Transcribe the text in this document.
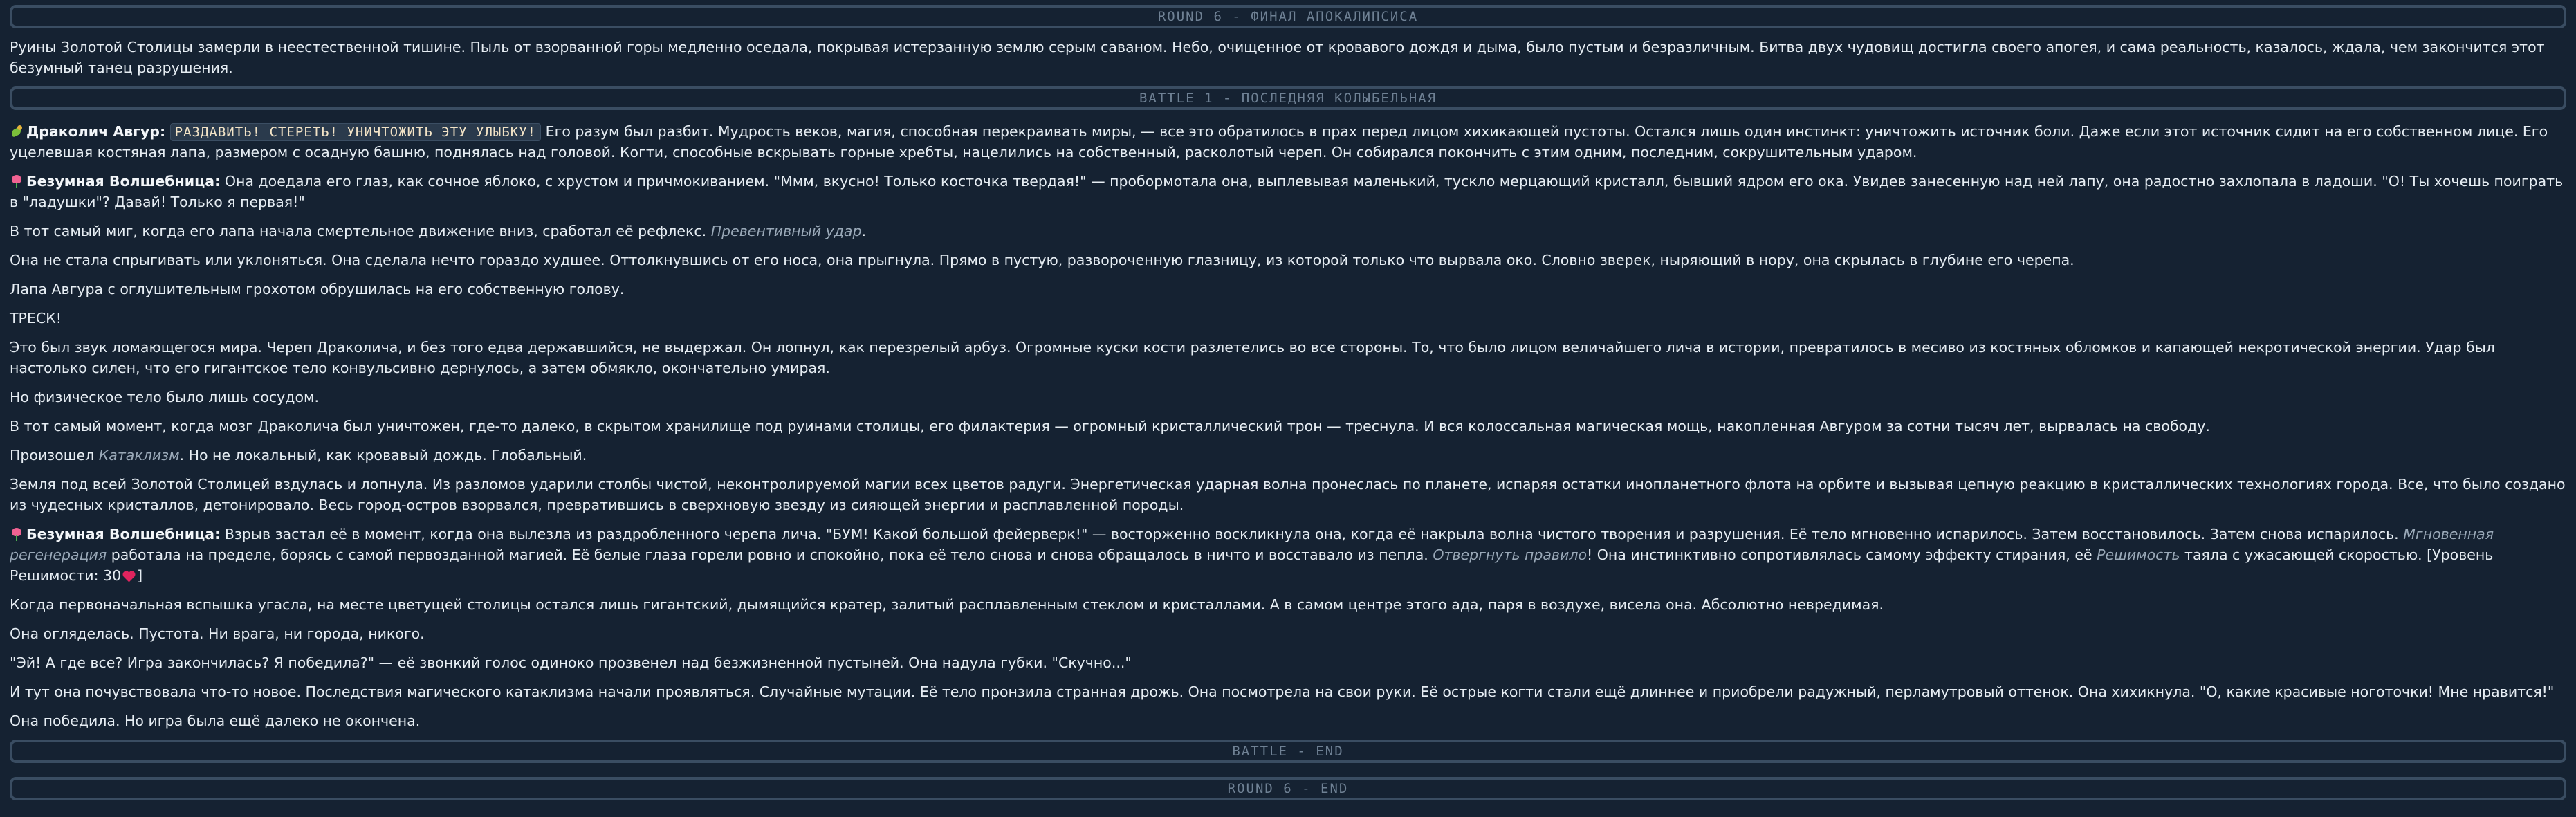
ROUND 6 - ФИНАЛ АПОКАЛИПСИСА

Руины Золотой Столицы замерли в неестественной тишине. Пыль от взорванной горы медленно оседала, покрывая истерзанную землю серым саваном. Небо, очищенное от кровавого дождя и дыма, было пустым и безразличным. Битва двух чудовищ достигла своего апогея, и сама реальность, казалось, ждала, чем закончится этот безумный танец разрушения.

BATTLE 1 - ПОСЛЕДНЯЯ КОЛЫБЕЛЬНАЯ

Драколич Авгур: РАЗДАВИТЬ! СТЕРЕТЬ! УНИЧТОЖИТЬ ЭТУ УЛЫБКУ! Его разум был разбит. Мудрость веков, магия, способная перекраивать миры, — все это обратилось в прах перед лицом хихикающей пустоты. Остался лишь один инстинкт: уничтожить источник боли. Даже если этот источник сидит на его собственном лице. Его уцелевшая костяная лапа, размером с осадную башню, поднялась над головой. Когти, способные вскрывать горные хребты, нацелились на собственный, расколотый череп. Он собирался покончить с этим одним, последним, сокрушительным ударом.

Безумная Волшебница: Она доедала его глаз, как сочное яблоко, с хрустом и причмокиванием. "Ммм, вкусно! Только косточка твердая!" — пробормотала она, выплевывая маленький, тускло мерцающий кристалл, бывший ядром его ока. Увидев занесенную над ней лапу, она радостно захлопала в ладоши. "О! Ты хочешь поиграть в "ладушки"? Давай! Только я первая!"

В тот самый миг, когда его лапа начала смертельное движение вниз, сработал её рефлекс. Превентивный удар.

Она не стала спрыгивать или уклоняться. Она сделала нечто гораздо худшее. Оттолкнувшись от его носа, она прыгнула. Прямо в пустую, развороченную глазницу, из которой только что вырвала око. Словно зверек, ныряющий в нору, она скрылась в глубине его черепа.

Лапа Авгура с оглушительным грохотом обрушилась на его собственную голову.

ТРЕСК!

Это был звук ломающегося мира. Череп Драколича, и без того едва державшийся, не выдержал. Он лопнул, как перезрелый арбуз. Огромные куски кости разлетелись во все стороны. То, что было лицом величайшего лича в истории, превратилось в месиво из костяных обломков и капающей некротической энергии. Удар был настолько силен, что его гигантское тело конвульсивно дернулось, а затем обмякло, окончательно умирая.

Но физическое тело было лишь сосудом.

В тот самый момент, когда мозг Драколича был уничтожен, где-то далеко, в скрытом хранилище под руинами столицы, его филактерия — огромный кристаллический трон — треснула. И вся колоссальная магическая мощь, накопленная Авгуром за сотни тысяч лет, вырвалась на свободу.

Произошел Катаклизм. Но не локальный, как кровавый дождь. Глобальный.

Земля под всей Золотой Столицей вздулась и лопнула. Из разломов ударили столбы чистой, неконтролируемой магии всех цветов радуги. Энергетическая ударная волна пронеслась по планете, испаряя остатки инопланетного флота на орбите и вызывая цепную реакцию в кристаллических технологиях города. Все, что было создано из чудесных кристаллов, детонировало. Весь город-остров взорвался, превратившись в сверхновую звезду из сияющей энергии и расплавленной породы.

Безумная Волшебница: Взрыв застал её в момент, когда она вылезла из раздробленного черепа лича. "БУМ! Какой большой фейерверк!" — восторженно воскликнула она, когда её накрыла волна чистого творения и разрушения. Её тело мгновенно испарилось. Затем восстановилось. Затем снова испарилось. Мгновенная регенерация работала на пределе, борясь с самой первозданной магией. Её белые глаза горели ровно и спокойно, пока её тело снова и снова обращалось в ничто и восставало из пепла. Отвергнуть правило! Она инстинктивно сопротивлялась самому эффекту стирания, её Решимость таяла с ужасающей скоростью. [Уровень Решимости: 30 ]

Когда первоначальная вспышка угасла, на месте цветущей столицы остался лишь гигантский, дымящийся кратер, залитый расплавленным стеклом и кристаллами. А в самом центре этого ада, паря в воздухе, висела она. Абсолютно невредимая.

Она огляделась. Пустота. Ни врага, ни города, никого.

"Эй! А где все? Игра закончилась? Я победила?" — её звонкий голос одиноко прозвенел над безжизненной пустыней. Она надула губки. "Скучно..."

И тут она почувствовала что-то новое. Последствия магического катаклизма начали проявляться. Случайные мутации. Её тело пронзила странная дрожь. Она посмотрела на свои руки. Её острые когти стали ещё длиннее и приобрели радужный, перламутровый оттенок. Она хихикнула. "О, какие красивые ноготочки! Мне нравится!"

Она победила. Но игра была ещё далеко не окончена.

BATTLE - END
ROUND 6 - END
